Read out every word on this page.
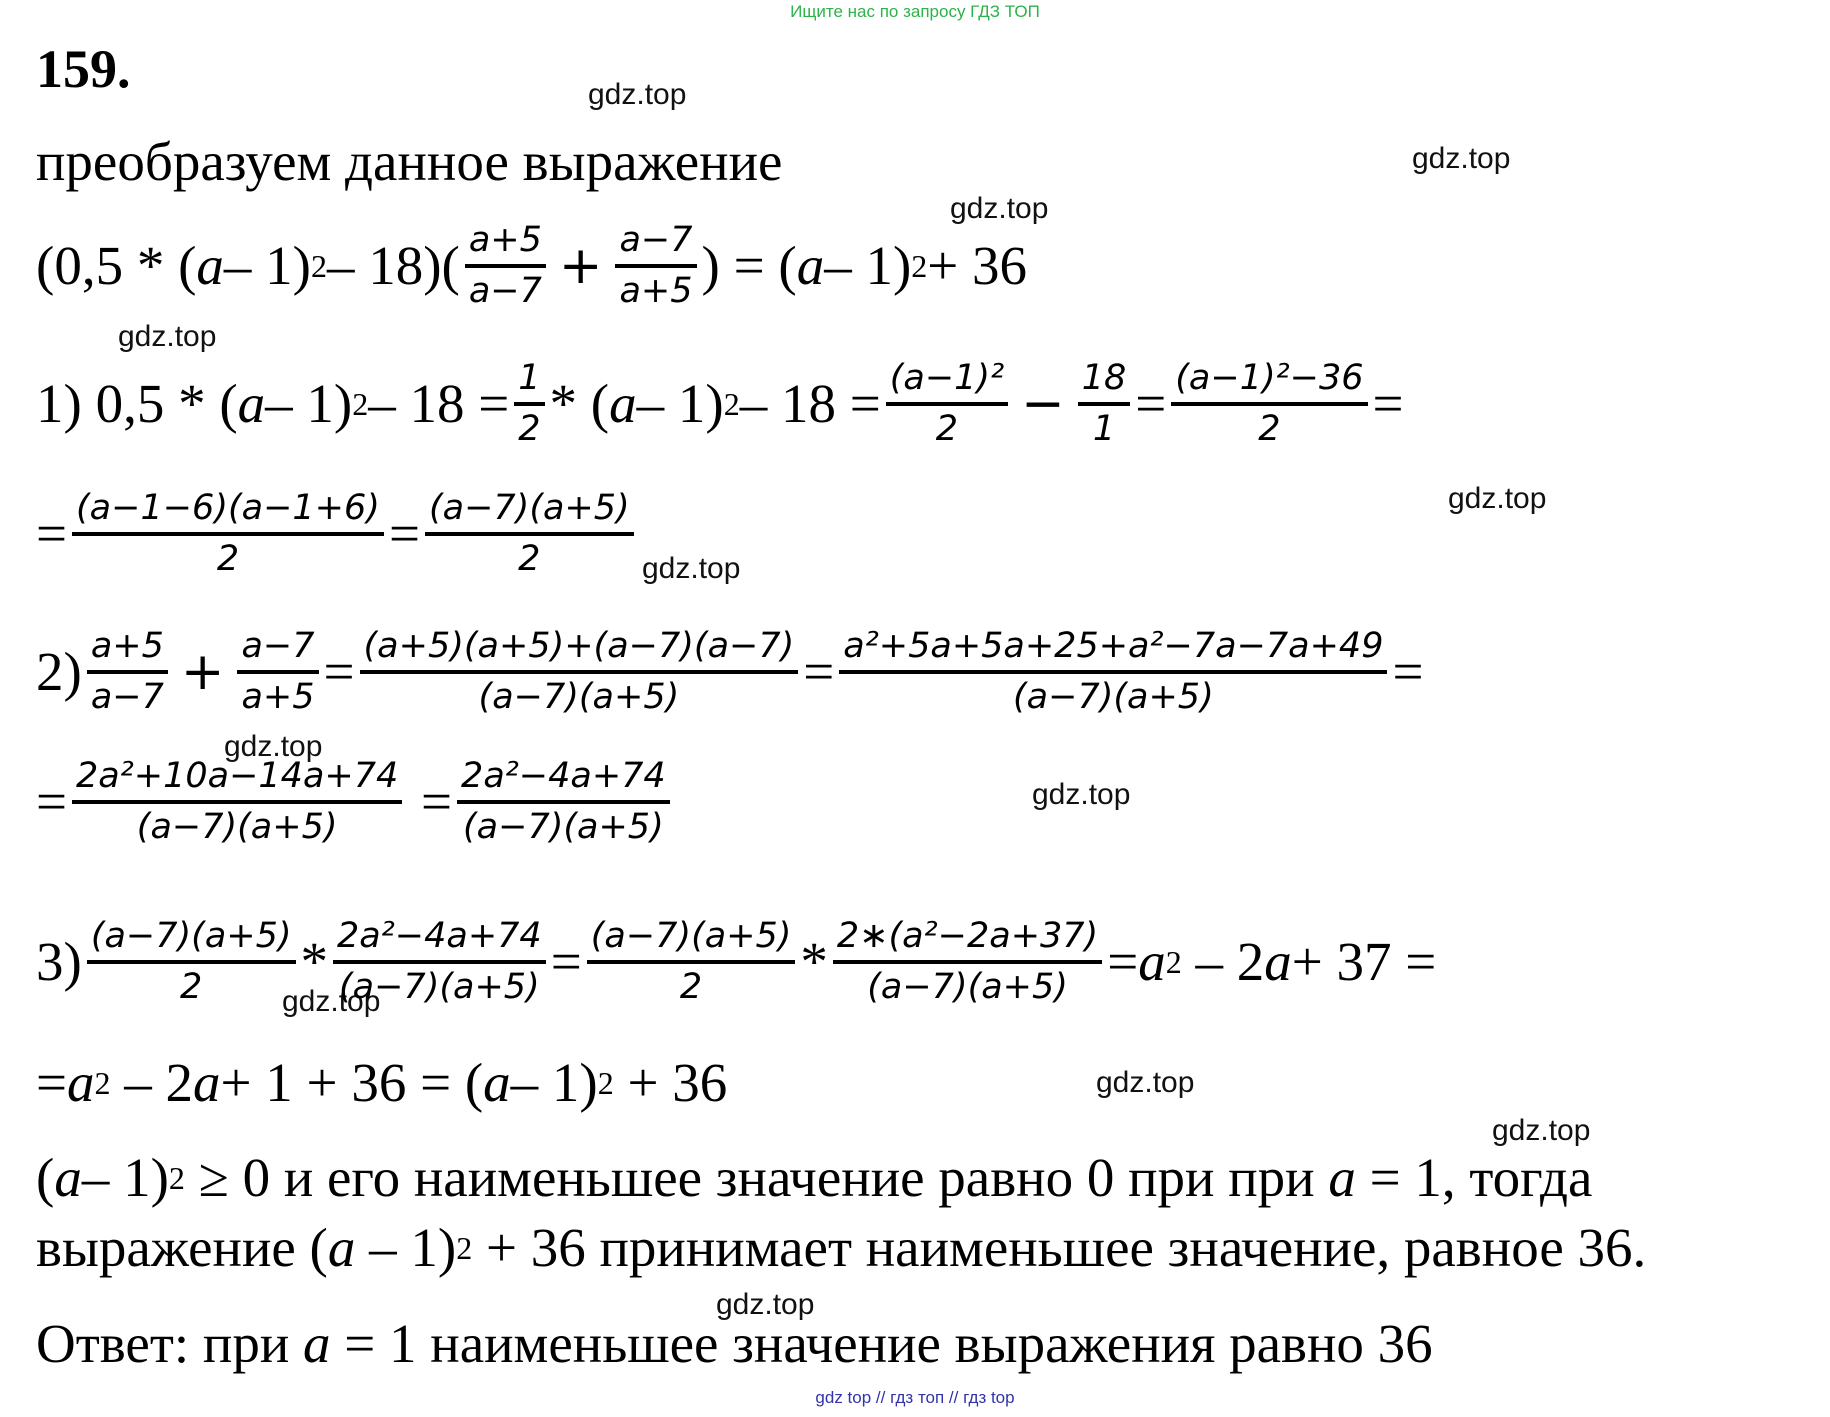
Ищите нас по запросу ГДЗ ТОП
159.	gdz.top
gdz.top
gdz.top
gdz.top
gdz.top
gdz.top
gdz.top
gdz.top
gdz.top
gdz.top
gdz.top
gdz.top
преобразуем данное выражение
(0,5 * ( a – 1) $2 - 18)( \frac{a+5}{a-7} + \frac{a-7}{a+5}$ ) = ( a – 1) 2 + 36
1) 0,5 * ( a – 1) $2 - 18 = \frac{1}{2}$ * ( a – 1) $2 - 18 = \frac{\text{(a−1)²}}{2} - \frac{18}{1} = \frac{\text{(a−1)²−36}}{2}$ =
= $\frac{(a-1-6)(a-1+6)}{2} = \frac{(a-7)(a+5)}{2}$
$2) \frac{a+5}{a-7} + \frac{a-7}{a+5} = \frac{(a+5)(a+5)+(a-7)(a-7)}{(a-7)(a+5)} = \frac{\text{a²+5a+5a+25+a²−7a−7a+49}}{(a-7)(a+5)}$ =
= $\frac{\text{2a²+10a−14a+74}}{(a-7)(a+5)} = \frac{\text{2a²−4a+74}}{(a-7)(a+5)}$
$3) \frac{(a-7)(a+5)}{2} * \frac{\text{2a²−4a+74}}{(a-7)(a+5)} = \frac{(a-7)(a+5)}{2} * \frac{\text{2∗(a²−2a+37)}}{(a-7)(a+5)} = a$ 2 – 2 a + 37 =
= a 2 – 2 a + 1 + 36 = ( a – 1) 2 + 36
( a – 1) 2 ≥ 0 и его наименьшее значение равно 0 при при a = 1, тогда
выражение ( a – 1) 2 + 36 принимает наименьшее значение, равное 36.
Ответ: при a = 1 наименьшее значение выражения равно 36
gdz top // гдз топ // гдз top
